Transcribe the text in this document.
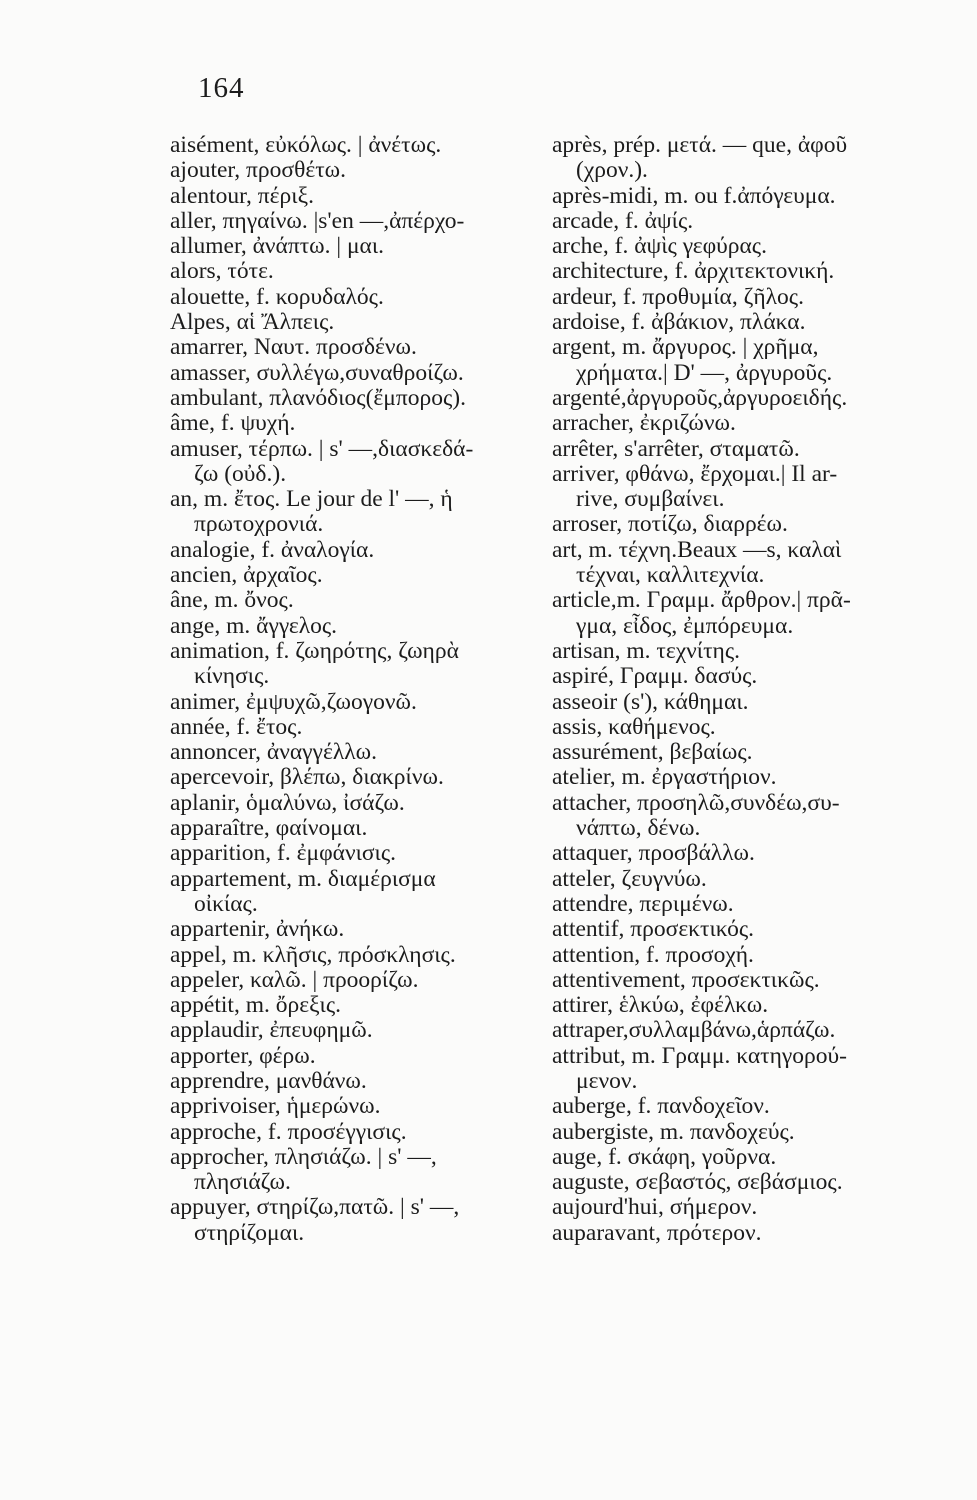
164
aisément, εὐκόλως. | ἀνέτως.
ajouter, προσθέτω.
alentour, πέριξ.
aller, πηγαίνω. |s'en —,ἀπέρχο-
allumer, ἀνάπτω. | μαι.
alors, τότε.
alouette, f. κορυδαλός.
Alpes, αἱ Ἄλπεις.
amarrer, Ναυτ. προσδένω.
amasser, συλλέγω,συναθροίζω.
ambulant, πλανόδιος(ἔμπορος).
âme, f. ψυχή.
amuser, τέρπω. | s' —,διασκεδά-
ζω (οὐδ.).
an, m. ἔτος. Le jour de l' —, ἡ
πρωτοχρονιά.
analogie, f. ἀναλογία.
ancien, ἀρχαῖος.
âne, m. ὄνος.
ange, m. ἄγγελος.
animation, f. ζωηρότης, ζωηρὰ
κίνησις.
animer, ἐμψυχῶ,ζωογονῶ.
année, f. ἔτος.
annoncer, ἀναγγέλλω.
apercevoir, βλέπω, διακρίνω.
aplanir, ὁμαλύνω, ἰσάζω.
apparaître, φαίνομαι.
apparition, f. ἐμφάνισις.
appartement, m. διαμέρισμα
οἰκίας.
appartenir, ἀνήκω.
appel, m. κλῆσις, πρόσκλησις.
appeler, καλῶ. | προορίζω.
appétit, m. ὄρεξις.
applaudir, ἐπευφημῶ.
apporter, φέρω.
apprendre, μανθάνω.
apprivoiser, ἡμερώνω.
approche, f. προσέγγισις.
approcher, πλησιάζω. | s' —,
πλησιάζω.
appuyer, στηρίζω,πατῶ. | s' —,
στηρίζομαι.
après, prép. μετά. — que, ἀφοῦ
(χρον.).
après-midi, m. ou f.ἀπόγευμα.
arcade, f. ἀψίς.
arche, f. ἀψὶς γεφύρας.
architecture, f. ἀρχιτεκτονική.
ardeur, f. προθυμία, ζῆλος.
ardoise, f. ἀβάκιον, πλάκα.
argent, m. ἄργυρος. | χρῆμα,
χρήματα.| D' —, ἀργυροῦς.
argenté,ἀργυροῦς,ἀργυροειδής.
arracher, ἐκριζώνω.
arrêter, s'arrêter, σταματῶ.
arriver, φθάνω, ἔρχομαι.| Il ar-
rive, συμβαίνει.
arroser, ποτίζω, διαρρέω.
art, m. τέχνη.Beaux —s, καλαὶ
τέχναι, καλλιτεχνία.
article,m. Γραμμ. ἄρθρον.| πρᾶ-
γμα, εἶδος, ἐμπόρευμα.
artisan, m. τεχνίτης.
aspiré, Γραμμ. δασύς.
asseoir (s'), κάθημαι.
assis, καθήμενος.
assurément, βεβαίως.
atelier, m. ἐργαστήριον.
attacher, προσηλῶ,συνδέω,συ-
νάπτω, δένω.
attaquer, προσβάλλω.
atteler, ζευγνύω.
attendre, περιμένω.
attentif, προσεκτικός.
attention, f. προσοχή.
attentivement, προσεκτικῶς.
attirer, ἑλκύω, ἐφέλκω.
attraper,συλλαμβάνω,ἁρπάζω.
attribut, m. Γραμμ. κατηγορού-
μενον.
auberge, f. πανδοχεῖον.
aubergiste, m. πανδοχεύς.
auge, f. σκάφη, γοῦρνα.
auguste, σεβαστός, σεβάσμιος.
aujourd'hui, σήμερον.
auparavant, πρότερον.
